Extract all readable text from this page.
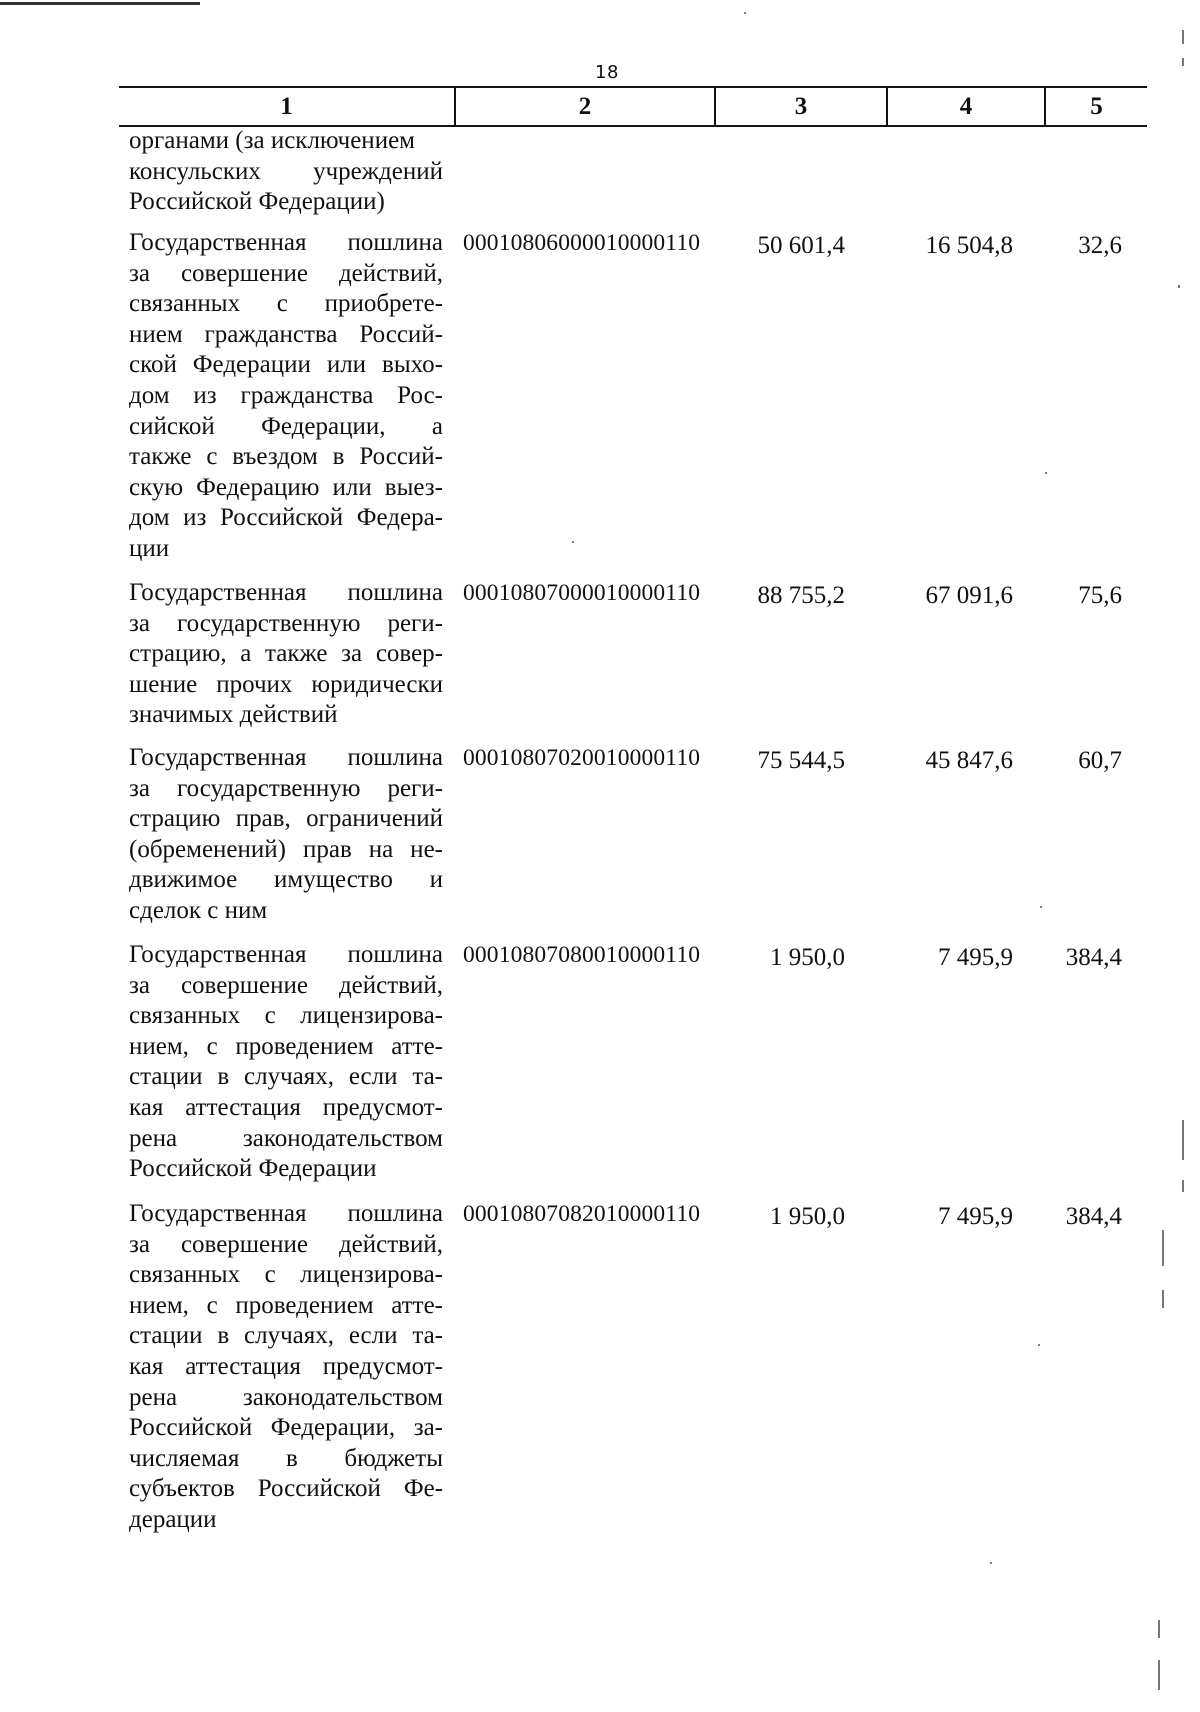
18
1	2	3	4	5
органами (за исключением
консульских учреждений
Российской Федерации)
Государственная пошлина
за совершение действий,
связанных с приобрете-
нием гражданства Россий-
ской Федерации или выхо-
дом из гражданства Рос-
сийской Федерации, а
также с въездом в Россий-
скую Федерацию или выез-
дом из Российской Федера-
ции
00010806000010000110	50 601,4	16 504,8	32,6
Государственная пошлина
за государственную реги-
страцию, а также за совер-
шение прочих юридически
значимых действий
00010807000010000110	88 755,2	67 091,6	75,6
Государственная пошлина
за государственную реги-
страцию прав, ограничений
(обременений) прав на не-
движимое имущество и
сделок с ним
00010807020010000110	75 544,5	45 847,6	60,7
Государственная пошлина
за совершение действий,
связанных с лицензирова-
нием, с проведением атте-
стации в случаях, если та-
кая аттестация предусмот-
рена законодательством
Российской Федерации
00010807080010000110	1 950,0	7 495,9	384,4
Государственная пошлина
за совершение действий,
связанных с лицензирова-
нием, с проведением атте-
стации в случаях, если та-
кая аттестация предусмот-
рена законодательством
Российской Федерации, за-
числяемая в бюджеты
субъектов Российской Фе-
дерации
00010807082010000110	1 950,0	7 495,9	384,4
